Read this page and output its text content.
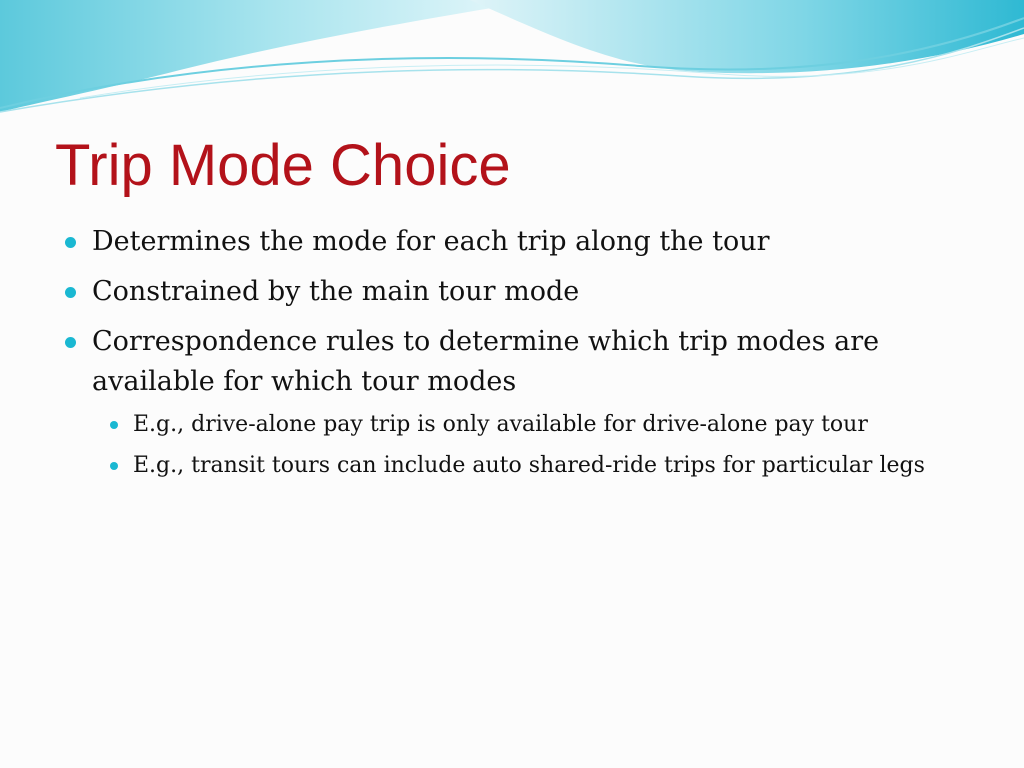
Trip Mode Choice

Determines the mode for each trip along the tour

Constrained by the main tour mode

Correspondence rules to determine which trip modes are available for which tour modes

E.g., drive-alone pay trip is only available for drive-alone pay tour

E.g., transit tours can include auto shared-ride trips for particular legs
